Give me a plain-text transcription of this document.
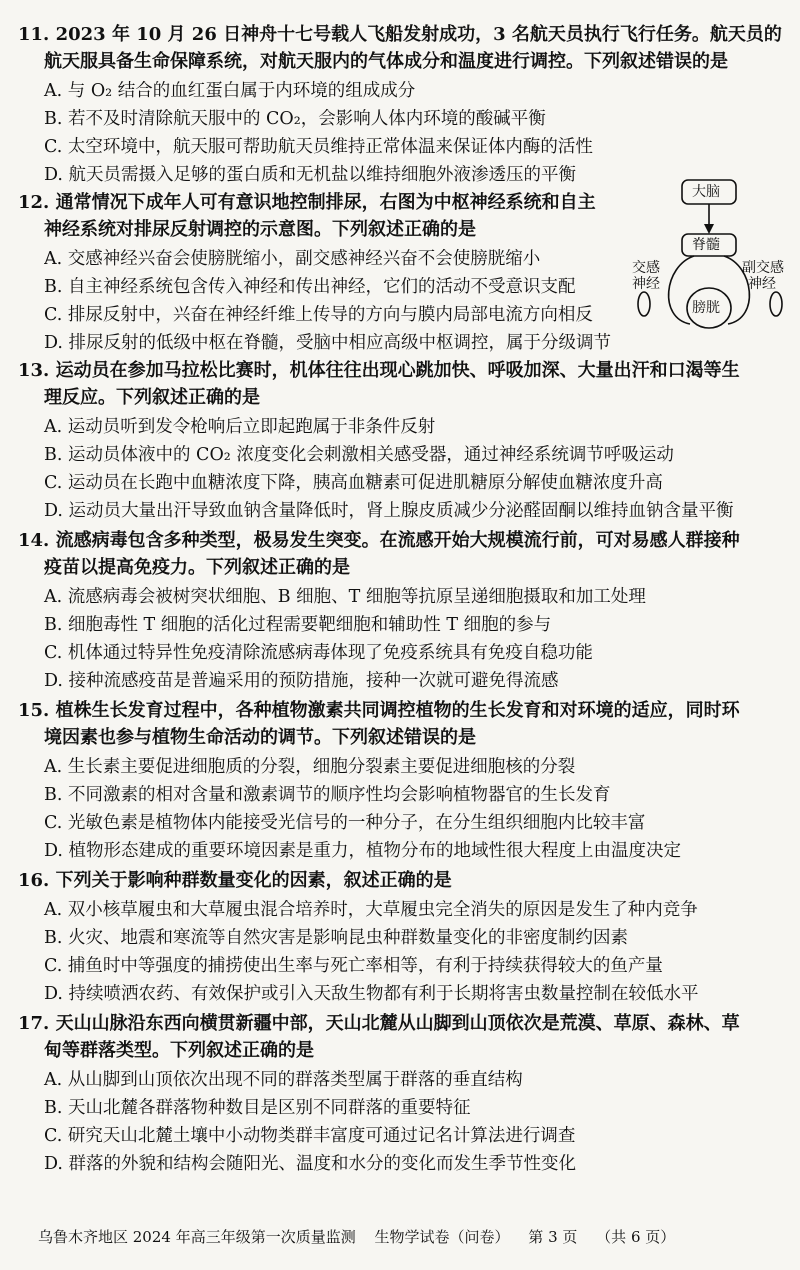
11. 2023 年 10 月 26 日神舟十七号载人飞船发射成功，3 名航天员执行飞行任务。航天员的
航天服具备生命保障系统，对航天服内的气体成分和温度进行调控。下列叙述错误的是
A. 与 O₂ 结合的血红蛋白属于内环境的组成成分
B. 若不及时清除航天服中的 CO₂，会影响人体内环境的酸碱平衡
C. 太空环境中，航天服可帮助航天员维持正常体温来保证体内酶的活性
D. 航天员需摄入足够的蛋白质和无机盐以维持细胞外液渗透压的平衡
12. 通常情况下成年人可有意识地控制排尿，右图为中枢神经系统和自主
神经系统对排尿反射调控的示意图。下列叙述正确的是
A. 交感神经兴奋会使膀胱缩小，副交感神经兴奋不会使膀胱缩小
B. 自主神经系统包含传入神经和传出神经，它们的活动不受意识支配
C. 排尿反射中，兴奋在神经纤维上传导的方向与膜内局部电流方向相反
D. 排尿反射的低级中枢在脊髓，受脑中相应高级中枢调控，属于分级调节
大脑
脊髓
膀胱
交感
神经
副交感
神经
13. 运动员在参加马拉松比赛时，机体往往出现心跳加快、呼吸加深、大量出汗和口渴等生
理反应。下列叙述正确的是
A. 运动员听到发令枪响后立即起跑属于非条件反射
B. 运动员体液中的 CO₂ 浓度变化会刺激相关感受器，通过神经系统调节呼吸运动
C. 运动员在长跑中血糖浓度下降，胰高血糖素可促进肌糖原分解使血糖浓度升高
D. 运动员大量出汗导致血钠含量降低时，肾上腺皮质减少分泌醛固酮以维持血钠含量平衡
14. 流感病毒包含多种类型，极易发生突变。在流感开始大规模流行前，可对易感人群接种
疫苗以提高免疫力。下列叙述正确的是
A. 流感病毒会被树突状细胞、B 细胞、T 细胞等抗原呈递细胞摄取和加工处理
B. 细胞毒性 T 细胞的活化过程需要靶细胞和辅助性 T 细胞的参与
C. 机体通过特异性免疫清除流感病毒体现了免疫系统具有免疫自稳功能
D. 接种流感疫苗是普遍采用的预防措施，接种一次就可避免得流感
15. 植株生长发育过程中，各种植物激素共同调控植物的生长发育和对环境的适应，同时环
境因素也参与植物生命活动的调节。下列叙述错误的是
A. 生长素主要促进细胞质的分裂，细胞分裂素主要促进细胞核的分裂
B. 不同激素的相对含量和激素调节的顺序性均会影响植物器官的生长发育
C. 光敏色素是植物体内能接受光信号的一种分子，在分生组织细胞内比较丰富
D. 植物形态建成的重要环境因素是重力，植物分布的地域性很大程度上由温度决定
16. 下列关于影响种群数量变化的因素，叙述正确的是
A. 双小核草履虫和大草履虫混合培养时，大草履虫完全消失的原因是发生了种内竞争
B. 火灾、地震和寒流等自然灾害是影响昆虫种群数量变化的非密度制约因素
C. 捕鱼时中等强度的捕捞使出生率与死亡率相等，有利于持续获得较大的鱼产量
D. 持续喷洒农药、有效保护或引入天敌生物都有利于长期将害虫数量控制在较低水平
17. 天山山脉沿东西向横贯新疆中部，天山北麓从山脚到山顶依次是荒漠、草原、森林、草
甸等群落类型。下列叙述正确的是
A. 从山脚到山顶依次出现不同的群落类型属于群落的垂直结构
B. 天山北麓各群落物种数目是区别不同群落的重要特征
C. 研究天山北麓土壤中小动物类群丰富度可通过记名计算法进行调查
D. 群落的外貌和结构会随阳光、温度和水分的变化而发生季节性变化
乌鲁木齐地区 2024 年高三年级第一次质量监测 生物学试卷（问卷） 第 3 页 （共 6 页）
